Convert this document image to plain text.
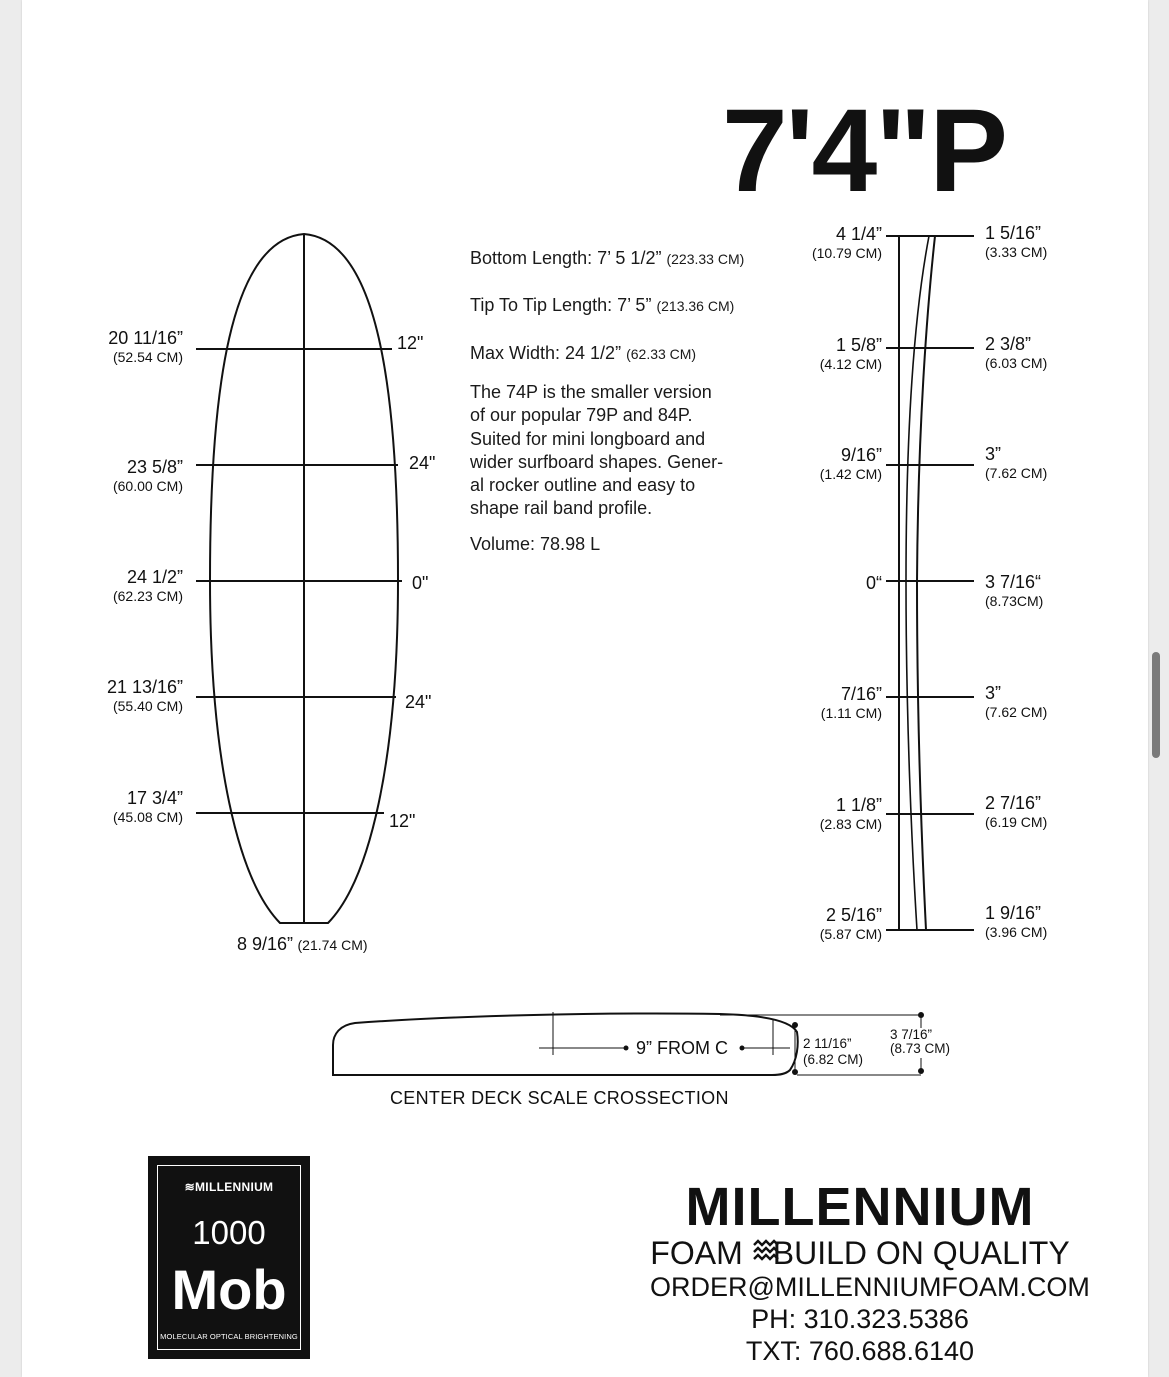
7'4"P
20 11/16”
(52.54 CM)
23 5/8”
(60.00 CM)
24 1/2”
(62.23 CM)
21 13/16”
(55.40 CM)
17 3/4”
(45.08 CM)
12"
24"
0"
24"
12"
8 9/16” (21.74 CM)
Bottom Length: 7’ 5 1/2” (223.33 CM)
Tip To Tip Length: 7’ 5” (213.36 CM)
Max Width: 24 1/2” (62.33 CM)
The 74P is the smaller version
of our popular 79P and 84P.
Suited for mini longboard and
wider surfboard shapes. Gener-
al rocker outline and easy to
shape rail band profile.
Volume: 78.98 L
4 1/4”
(10.79 CM)
1 5/8”
(4.12 CM)
9/16”
(1.42 CM)
0“
7/16”
(1.11 CM)
1 1/8”
(2.83 CM)
2 5/16”
(5.87 CM)
1 5/16”
(3.33 CM)
2 3/8”
(6.03 CM)
3”
(7.62 CM)
3 7/16“
(8.73CM)
3”
(7.62 CM)
2 7/16”
(6.19 CM)
1 9/16”
(3.96 CM)
9” FROM C	2 11/16”
(6.82 CM)
3 7/16”
(8.73 CM)
CENTER DECK SCALE CROSSECTION
≋MILLENNIUM
1000
Mob
MOLECULAR OPTICAL BRIGHTENING
MILLENNIUM
FOAM BUILD ON QUALITY
ORDER@MILLENNIUMFOAM.COM
PH: 310.323.5386
TXT: 760.688.6140
